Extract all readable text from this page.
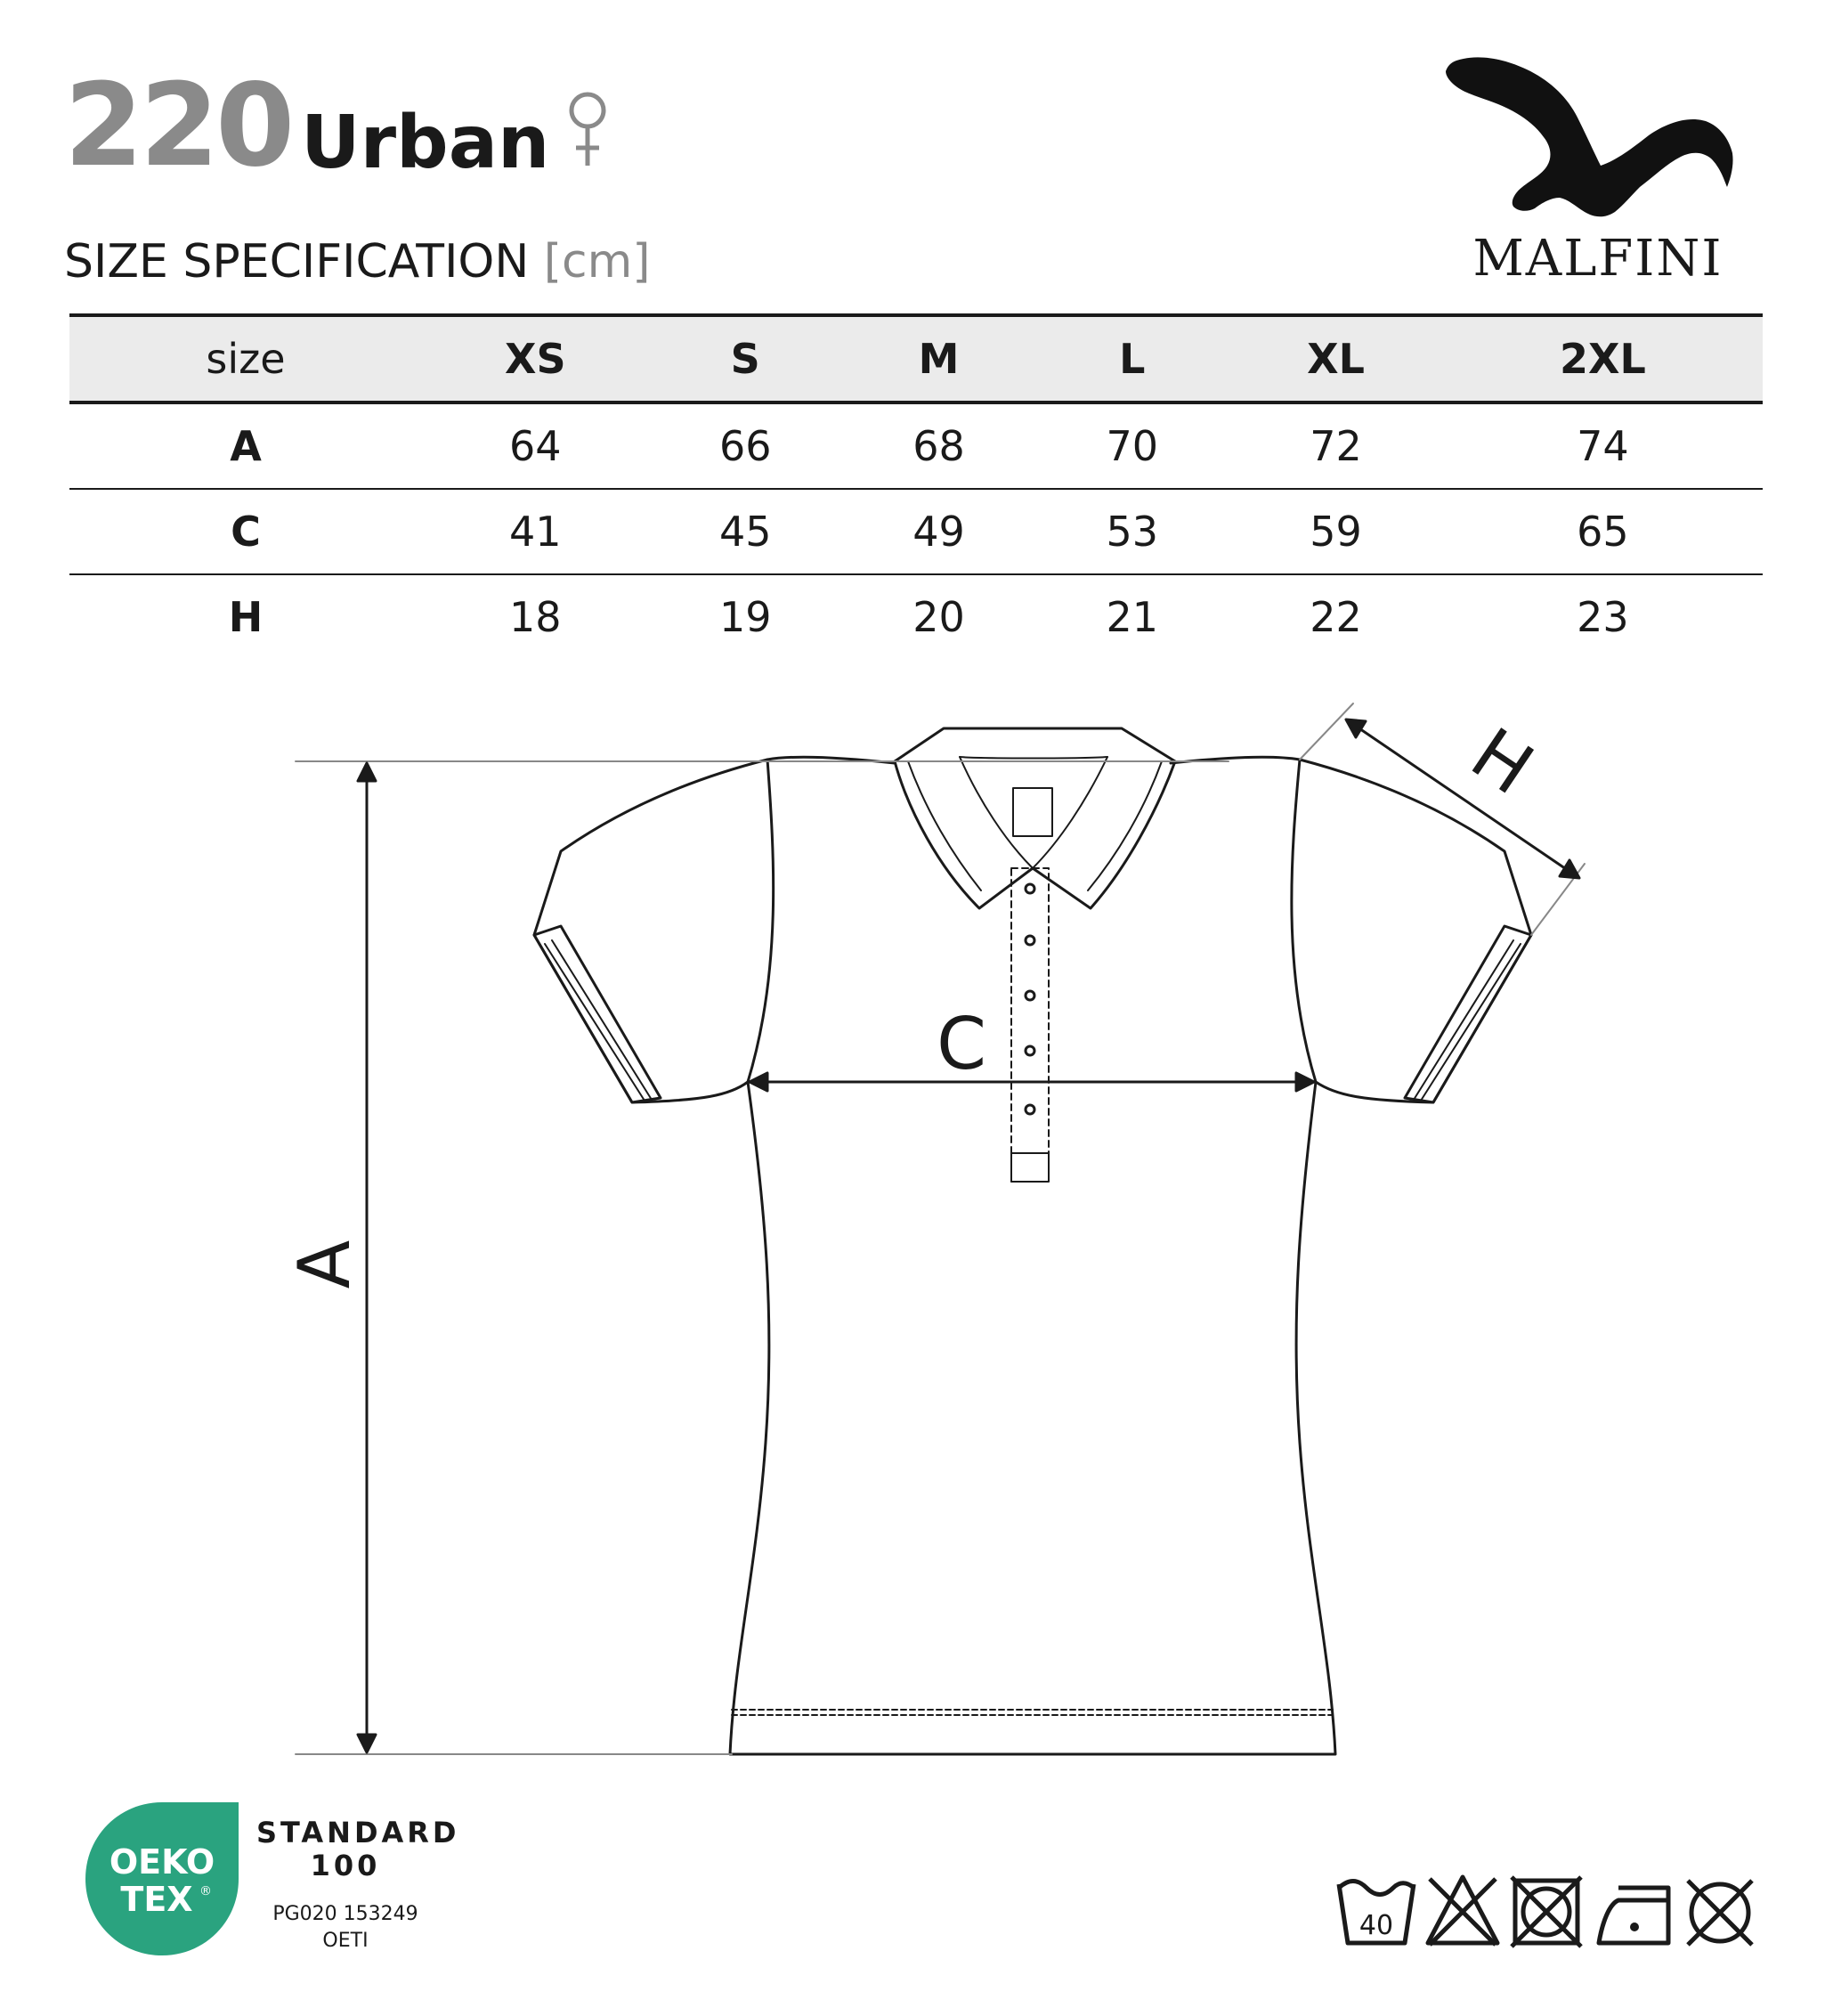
220 Urban
SIZE SPECIFICATION [cm]	MALFINI
size	XS	S	M	L	XL	2XL
A	64	66	68	70	72	74
C	41	45	49	53	59	65
H	18	19	20	21	22	23
A
C
H
OEKO
TEX ®
STANDARD
100
PG020 153249
OETI	40
